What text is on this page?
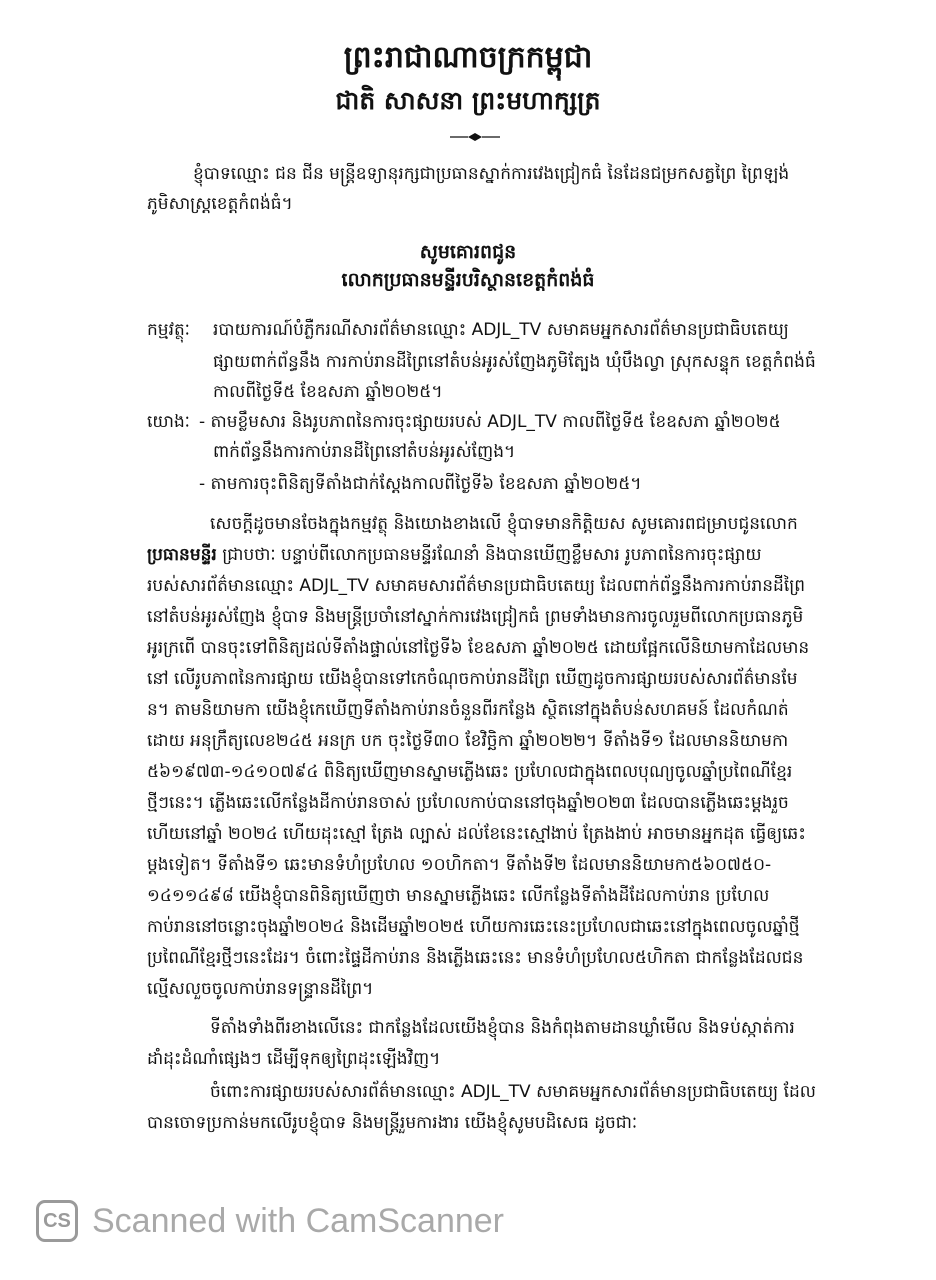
ព្រះរាជាណាចក្រកម្ពុជា
ជាតិ សាសនា ព្រះមហាក្សត្រ
ខ្ញុំបាទឈ្មោះ ជន ជីន មន្ត្រីឧទ្យានុរក្សជាប្រធានស្នាក់ការវេងជ្រៀកធំ នៃដែនជម្រកសត្វព្រៃ ព្រៃឡង់
ភូមិសាស្ត្រខេត្តកំពង់ធំ។
សូមគោរពជូន
លោកប្រធានមន្ទីរបរិស្ថានខេត្តកំពង់ធំ
កម្មវត្ថុៈ របាយការណ៍បំភ្លឺករណីសារព័ត៌មានឈ្មោះ ADJL_TV សមាគមអ្នកសារព័ត៌មានប្រជាធិបតេយ្យ
ផ្សាយពាក់ព័ន្ធនឹង ការកាប់រានដីព្រៃនៅតំបន់អូរស់ញែងភូមិត្បែង ឃុំបឹងល្វា ស្រុកសន្ទុក ខេត្តកំពង់ធំ
កាលពីថ្ងៃទី៥ ខែឧសភា ឆ្នាំ២០២៥។
យោងៈ - តាមខ្លឹមសារ និងរូបភាពនៃការចុះផ្សាយរបស់ ADJL_TV កាលពីថ្ងៃទី៥ ខែឧសភា ឆ្នាំ២០២៥
ពាក់ព័ន្ធនឹងការកាប់រានដីព្រៃនៅតំបន់អូរស់ញែង។
- តាមការចុះពិនិត្យទីតាំងជាក់ស្តែងកាលពីថ្ងៃទី៦ ខែឧសភា ឆ្នាំ២០២៥។
សេចក្តីដូចមានចែងក្នុងកម្មវត្ថុ និងយោងខាងលើ ខ្ញុំបាទមានកិត្តិយស សូមគោរពជម្រាបជូនលោក
ប្រធានមន្ទីរ ជ្រាបថាៈ បន្ទាប់ពីលោកប្រធានមន្ទីរណែនាំ និងបានឃើញខ្លឹមសារ រូបភាពនៃការចុះផ្សាយ
របស់សារព័ត៌មានឈ្មោះ ADJL_TV សមាគមសារព័ត៌មានប្រជាធិបតេយ្យ ដែលពាក់ព័ន្ធនឹងការកាប់រានដីព្រៃ
នៅតំបន់អូរស់ញែង ខ្ញុំបាទ និងមន្ត្រីប្រចាំនៅស្នាក់ការវេងជ្រៀកធំ ព្រមទាំងមានការចូលរួមពីលោកប្រធានភូមិ
អូរក្រពើ បានចុះទៅពិនិត្យដល់ទីតាំងផ្ទាល់នៅថ្ងៃទី៦ ខែឧសភា ឆ្នាំ២០២៥ ដោយផ្អែកលើនិយាមកាដែលមាន
នៅ លើរូបភាពនៃការផ្សាយ យើងខ្ញុំបានទៅកេចំណុចកាប់រានដីព្រៃ ឃើញដូចការផ្សាយរបស់សារព័ត៌មានមែ
ន។ តាមនិយាមកា យើងខ្ញុំកេឃើញទីតាំងកាប់រានចំនួនពីរកន្លែង ស្ថិតនៅក្នុងតំបន់សហគមន៍ ដែលកំណត់
ដោយ អនុក្រឹត្យលេខ២៤៥ អនក្រ បក ចុះថ្ងៃទី៣០ ខែវិច្ឆិកា ឆ្នាំ២០២២។ ទីតាំងទី១ ដែលមាននិយាមកា
៥៦១៩៧៣-១៤១០៧៩៤ ពិនិត្យឃើញមានស្នាមភ្លើងឆេះ ប្រហែលជាក្នុងពេលបុណ្យចូលឆ្នាំប្រពៃណីខ្មែរ
ថ្មីៗនេះ។ ភ្លើងឆេះលើកន្លែងដីកាប់រានចាស់ ប្រហែលកាប់បាននៅចុងឆ្នាំ២០២៣ ដែលបានភ្លើងឆេះម្តងរួច
ហើយនៅឆ្នាំ ២០២៤ ហើយដុះស្មៅ ត្រែង ល្បាស់ ដល់ខែនេះស្មៅងាប់ ត្រែងងាប់ អាចមានអ្នកដុត ធ្វើឲ្យឆេះ
ម្តងទៀត។ ទីតាំងទី១ ឆេះមានទំហំប្រហែល ១០ហិកតា។ ទីតាំងទី២ ដែលមាននិយាមកា៥៦០៧៥០-
១៤១១៤៩៨ យើងខ្ញុំបានពិនិត្យឃើញថា មានស្នាមភ្លើងឆេះ លើកន្លែងទីតាំងដីដែលកាប់រាន ប្រហែល
កាប់រាននៅចន្លោះចុងឆ្នាំ២០២៤ និងដើមឆ្នាំ២០២៥ ហើយការឆេះនេះប្រហែលជាឆេះនៅក្នុងពេលចូលឆ្នាំថ្មី
ប្រពៃណីខ្មែរថ្មីៗនេះដែរ។ ចំពោះផ្ទៃដីកាប់រាន និងភ្លើងឆេះនេះ មានទំហំប្រហែល៥ហិកតា ជាកន្លែងដែលជន
ល្មើសលួចចូលកាប់រានទន្រ្ទានដីព្រៃ។
ទីតាំងទាំងពីរខាងលើនេះ ជាកន្លែងដែលយើងខ្ញុំបាន និងកំពុងតាមដានឃ្លាំមើល និងទប់ស្កាត់ការ
ដាំដុះដំណាំផ្សេងៗ ដើម្បីទុកឲ្យព្រៃដុះឡើងវិញ។
ចំពោះការផ្សាយរបស់សារព័ត៌មានឈ្មោះ ADJL_TV សមាគមអ្នកសារព័ត៌មានប្រជាធិបតេយ្យ ដែល
បានចោទប្រកាន់មកលើរូបខ្ញុំបាទ និងមន្ត្រីរួមការងារ យើងខ្ញុំសូមបដិសេធ ដូចជាៈ
CS Scanned with CamScanner
